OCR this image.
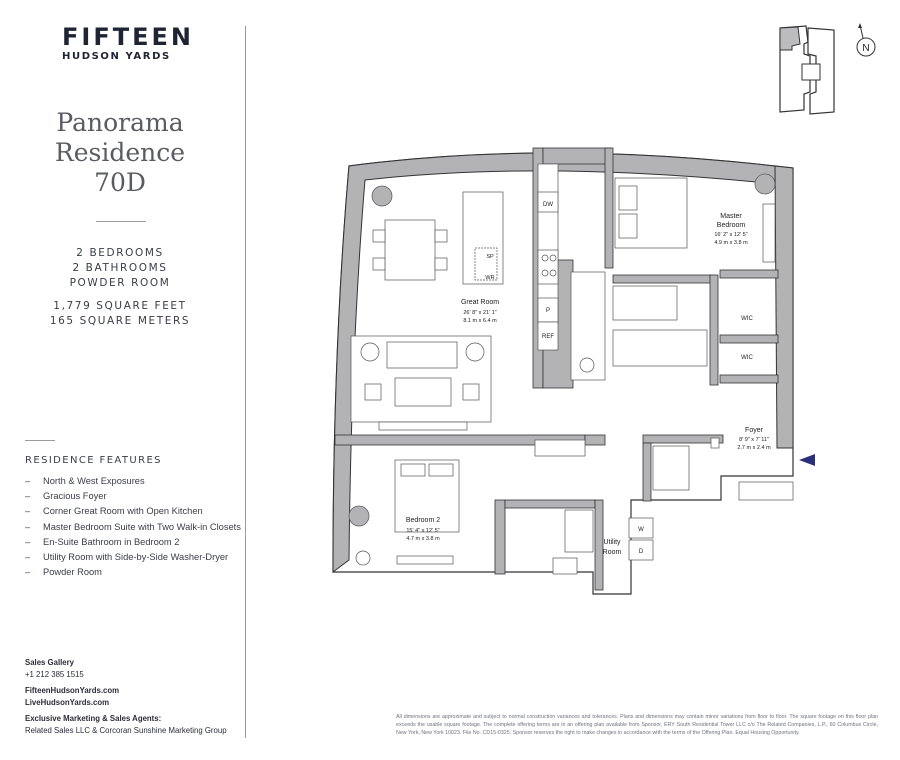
FIFTEEN
HUDSON YARDS
Panorama
Residence
70D
2 BEDROOMS
2 BATHROOMS
POWDER ROOM
1,779 SQUARE FEET
165 SQUARE METERS
RESIDENCE FEATURES
– North & West Exposures
– Gracious Foyer
– Corner Great Room with Open Kitchen
– Master Bedroom Suite with Two Walk-in Closets
– En-Suite Bathroom in Bedroom 2
– Utility Room with Side-by-Side Washer-Dryer
– Powder Room
Sales Gallery
+1 212 385 1515
FifteenHudsonYards.com
LiveHudsonYards.com
Exclusive Marketing & Sales Agents:
Related Sales LLC & Corcoran Sunshine Marketing Group
N
Great Room
26' 8" x 21' 1"
8.1 m x 6.4 m
Master
Bedroom
16' 2" x 12' 5"
4.9 m x 3.8 m
Bedroom 2
15' 4" x 12' 5"
4.7 m x 3.8 m
Foyer
8' 9" x 7' 11"
2.7 m x 2.4 m
Utility
Room
WIC
WIC
DW
SP
WR
P
REF
W
D
All dimensions are approximate and subject to normal construction variances and tolerances. Plans and dimensions may contain minor variations from floor to floor. The square footage on this floor plan exceeds the usable square footage. The complete offering terms are in an offering plan available from Sponsor, ERY South Residential Tower LLC c/o The Related Companies, L.P., 60 Columbus Circle, New York, New York 10023. File No. CD15-0325. Sponsor reserves the right to make changes in accordance with the terms of the Offering Plan. Equal Housing Opportunity.
